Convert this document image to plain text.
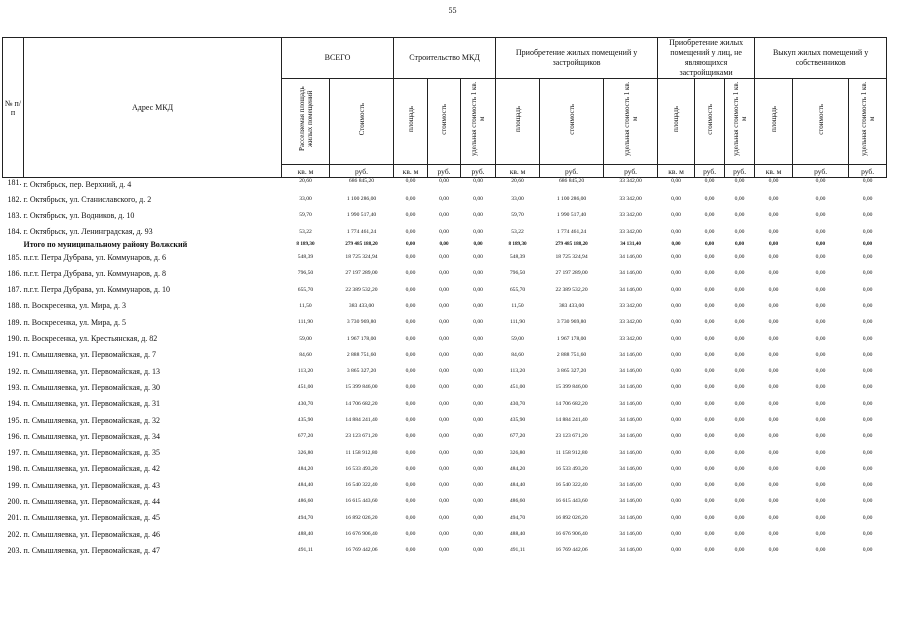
55
№ п/п	Адрес МКД	ВСЕГО		Строительство МКД			Приобретение жилых помещений у застройщиков			Приобретение жилых помещений у лиц, не являющихся застройщиками			Выкуп жилых помещений у собственников		
		Расселяемая площадь жилых помещений	Стоимость	площадь	стоимость	удельная стоимость 1 кв. м	площадь	стоимость	удельная стоимость 1 кв. м	площадь	стоимость	удельная стоимость 1 кв. м	площадь	стоимость	удельная стоимость 1 кв. м
		кв. м	руб.	кв. м	руб.	руб.	кв. м	руб.	руб.	кв. м	руб.	руб.	кв. м	руб.	руб.
181.	г. Октябрьск, пер. Верхний, д. 4	20,60	686 845,20	0,00	0,00	0,00	20,60	686 845,20	33 342,00	0,00	0,00	0,00	0,00	0,00	0,00
182.	г. Октябрьск, ул. Станиславского, д. 2	33,00	1 100 286,00	0,00	0,00	0,00	33,00	1 100 286,00	33 342,00	0,00	0,00	0,00	0,00	0,00	0,00
183.	г. Октябрьск, ул. Водников, д. 10	59,70	1 990 517,40	0,00	0,00	0,00	59,70	1 990 517,40	33 342,00	0,00	0,00	0,00	0,00	0,00	0,00
184.	г. Октябрьск, ул. Ленинградская, д. 93	53,22	1 774 461,24	0,00	0,00	0,00	53,22	1 774 461,24	33 342,00	0,00	0,00	0,00	0,00	0,00	0,00
	Итого по муниципальному району Волжский	8 189,30	279 485 188,20	0,00	0,00	0,00	8 189,30	279 485 188,20	34 131,40	0,00	0,00	0,00	0,00	0,00	0,00
185.	п.г.т. Петра Дубрава, ул. Коммунаров, д. 6	548,39	18 725 324,94	0,00	0,00	0,00	548,39	18 725 324,94	34 146,00	0,00	0,00	0,00	0,00	0,00	0,00
186.	п.г.т. Петра Дубрава, ул. Коммунаров, д. 8	796,50	27 197 289,00	0,00	0,00	0,00	796,50	27 197 289,00	34 146,00	0,00	0,00	0,00	0,00	0,00	0,00
187.	п.г.т. Петра Дубрава, ул. Коммунаров, д. 10	655,70	22 389 532,20	0,00	0,00	0,00	655,70	22 389 532,20	34 146,00	0,00	0,00	0,00	0,00	0,00	0,00
188.	п. Воскресенка, ул. Мира, д. 3	11,50	383 433,00	0,00	0,00	0,00	11,50	383 433,00	33 342,00	0,00	0,00	0,00	0,00	0,00	0,00
189.	п. Воскресенка, ул. Мира, д. 5	111,90	3 730 969,80	0,00	0,00	0,00	111,90	3 730 969,80	33 342,00	0,00	0,00	0,00	0,00	0,00	0,00
190.	п. Воскресенка, ул. Крестьянская, д. 82	59,00	1 967 178,00	0,00	0,00	0,00	59,00	1 967 178,00	33 342,00	0,00	0,00	0,00	0,00	0,00	0,00
191.	п. Смышляевка, ул. Первомайская, д. 7	84,60	2 888 751,60	0,00	0,00	0,00	84,60	2 888 751,60	34 146,00	0,00	0,00	0,00	0,00	0,00	0,00
192.	п. Смышляевка, ул. Первомайская, д. 13	113,20	3 865 327,20	0,00	0,00	0,00	113,20	3 865 327,20	34 146,00	0,00	0,00	0,00	0,00	0,00	0,00
193.	п. Смышляевка, ул. Первомайская, д. 30	451,00	15 399 846,00	0,00	0,00	0,00	451,00	15 399 846,00	34 146,00	0,00	0,00	0,00	0,00	0,00	0,00
194.	п. Смышляевка, ул. Первомайская, д. 31	430,70	14 706 682,20	0,00	0,00	0,00	430,70	14 706 682,20	34 146,00	0,00	0,00	0,00	0,00	0,00	0,00
195.	п. Смышляевка, ул. Первомайская, д. 32	435,90	14 884 241,40	0,00	0,00	0,00	435,90	14 884 241,40	34 146,00	0,00	0,00	0,00	0,00	0,00	0,00
196.	п. Смышляевка, ул. Первомайская, д. 34	677,20	23 123 671,20	0,00	0,00	0,00	677,20	23 123 671,20	34 146,00	0,00	0,00	0,00	0,00	0,00	0,00
197.	п. Смышляевка, ул. Первомайская, д. 35	326,80	11 158 912,80	0,00	0,00	0,00	326,80	11 158 912,80	34 146,00	0,00	0,00	0,00	0,00	0,00	0,00
198.	п. Смышляевка, ул. Первомайская, д. 42	484,20	16 533 493,20	0,00	0,00	0,00	484,20	16 533 493,20	34 146,00	0,00	0,00	0,00	0,00	0,00	0,00
199.	п. Смышляевка, ул. Первомайская, д. 43	484,40	16 540 322,40	0,00	0,00	0,00	484,40	16 540 322,40	34 146,00	0,00	0,00	0,00	0,00	0,00	0,00
200.	п. Смышляевка, ул. Первомайская, д. 44	486,60	16 615 443,60	0,00	0,00	0,00	486,60	16 615 443,60	34 146,00	0,00	0,00	0,00	0,00	0,00	0,00
201.	п. Смышляевка, ул. Первомайская, д. 45	494,70	16 892 026,20	0,00	0,00	0,00	494,70	16 892 026,20	34 146,00	0,00	0,00	0,00	0,00	0,00	0,00
202.	п. Смышляевка, ул. Первомайская, д. 46	488,40	16 676 906,40	0,00	0,00	0,00	488,40	16 676 906,40	34 146,00	0,00	0,00	0,00	0,00	0,00	0,00
203.	п. Смышляевка, ул. Первомайская, д. 47	491,11	16 769 442,06	0,00	0,00	0,00	491,11	16 769 442,06	34 146,00	0,00	0,00	0,00	0,00	0,00	0,00
